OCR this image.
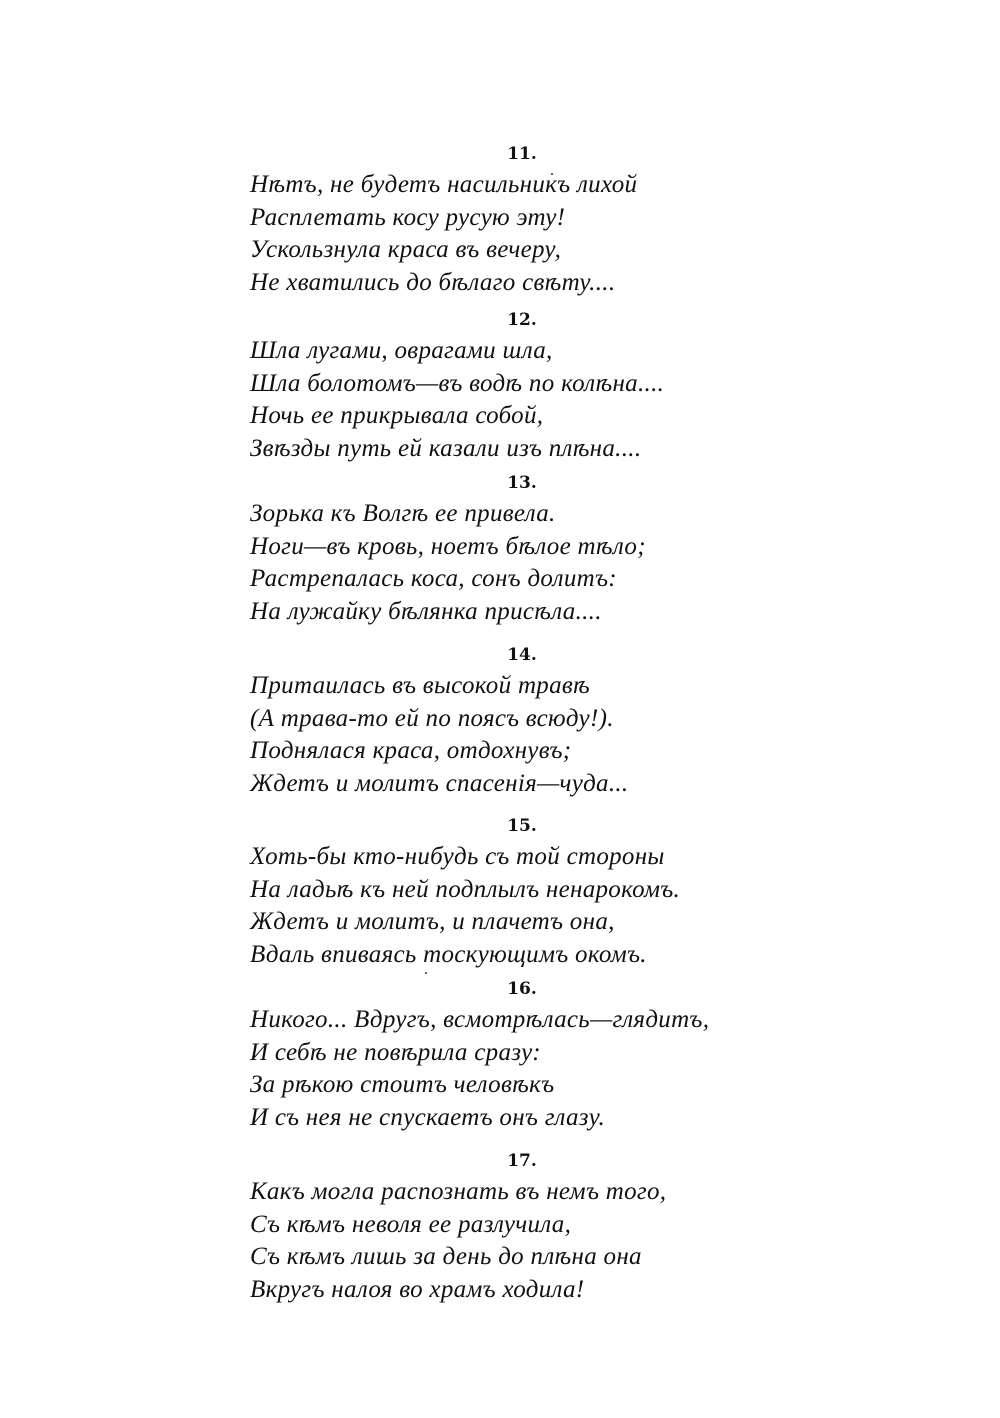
11.
Нѣтъ, не будетъ насильникъ лихой
Расплетать косу русую эту!
Ускользнула краса въ вечеру,
Не хватились до бѣлаго свѣту....
12.
Шла лугами, оврагами шла,
Шла болотомъ—въ водѣ по колѣна....
Ночь ее прикрывала собой,
Звѣзды путь ей казали изъ плѣна....
13.
Зорька къ Волгѣ ее привела.
Ноги—въ кровь, ноетъ бѣлое тѣло;
Растрепалась коса, сонъ долитъ:
На лужайку бѣлянка присѣла....
14.
Притаилась въ высокой травѣ
(А трава-то ей по поясъ всюду!).
Поднялася краса, отдохнувъ;
Ждетъ и молитъ спасенія—чуда...
15.
Хоть-бы кто-нибудь съ той стороны
На ладьѣ къ ней подплылъ ненарокомъ.
Ждетъ и молитъ, и плачетъ она,
Вдаль впиваясь тоскующимъ окомъ.
16.
Никого... Вдругъ, всмотрѣлась—глядитъ,
И себѣ не повѣрила сразу:
За рѣкою стоитъ человѣкъ
И съ нея не спускаетъ онъ глазу.
17.
Какъ могла распознать въ немъ того,
Съ кѣмъ неволя ее разлучила,
Съ кѣмъ лишь за день до плѣна она
Вкругъ налоя во храмъ ходила!
